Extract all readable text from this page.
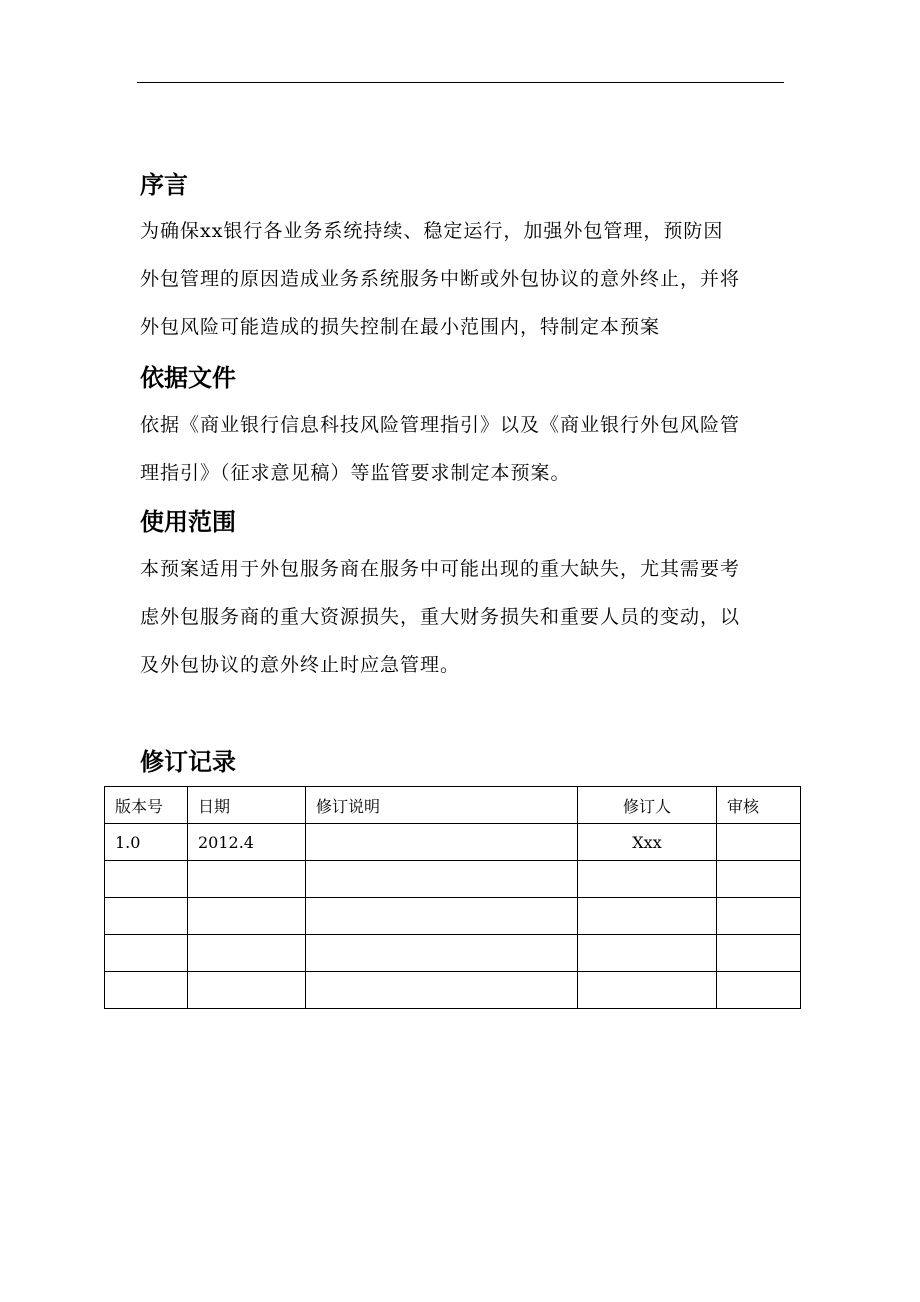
序言

为确保xx银行各业务系统持续、稳定运行，加强外包管理，预防因
外包管理的原因造成业务系统服务中断或外包协议的意外终止，并将
外包风险可能造成的损失控制在最小范围内，特制定本预案

依据文件

依据《商业银行信息科技风险管理指引》以及《商业银行外包风险管
理指引》（征求意见稿）等监管要求制定本预案。

使用范围

本预案适用于外包服务商在服务中可能出现的重大缺失，尤其需要考
虑外包服务商的重大资源损失，重大财务损失和重要人员的变动，以
及外包协议的意外终止时应急管理。

修订记录
版本号	日期	修订说明	修订人	审核
1.0	2012.4		Xxx	
